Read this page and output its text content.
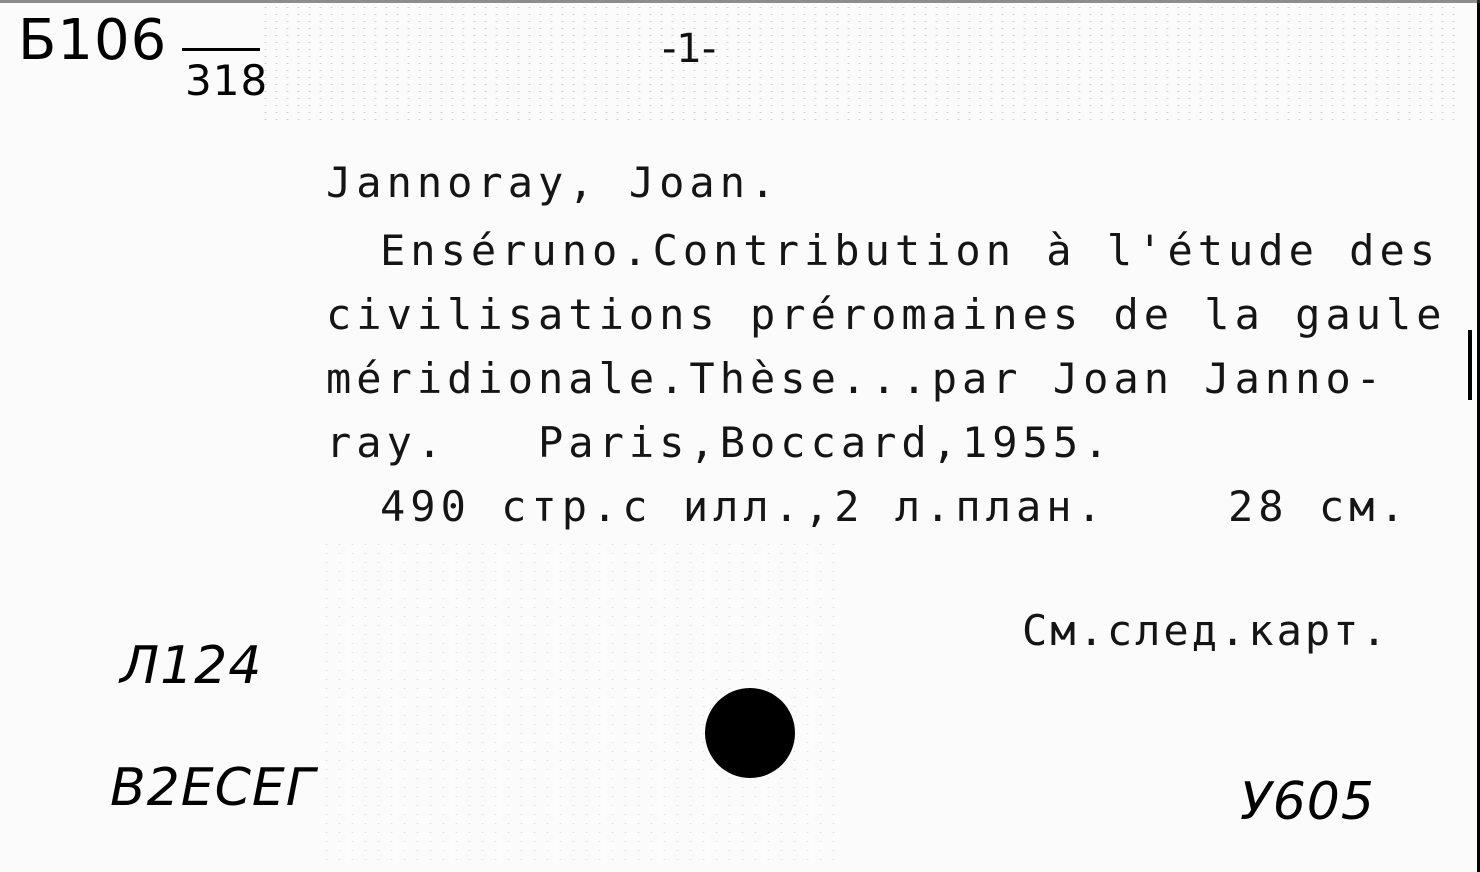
Б106
318
-1-
Jannoray, Joan.
Enséruno.Contribution à l'étude des
civilisations préromaines de la gaule
méridionale.Thèse...par Joan Janno-
ray.   Paris,Boccard,1955.
490 стр.с илл.,2 л.план.    28 см.
См.след.карт.
Л124
В2ЕСЕГ	У605
